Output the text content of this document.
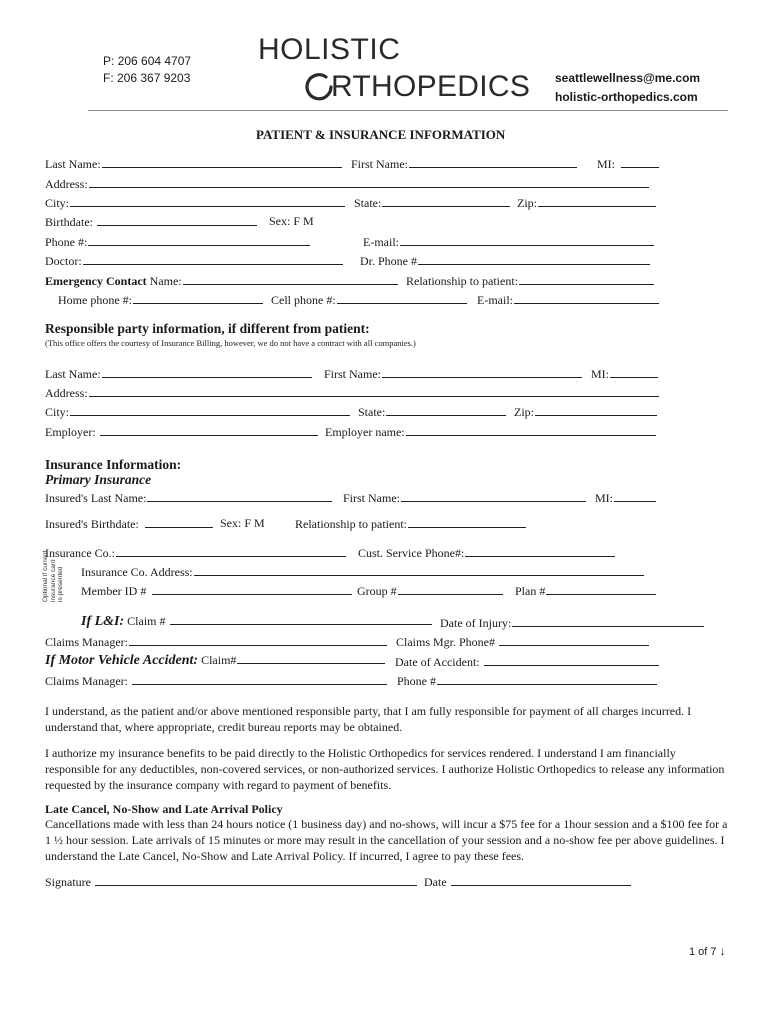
P: 206 604 4707
F: 206 367 9203
HOLISTIC
RTHOPEDICS seattlewellness@me.com
holistic-orthopedics.com
PATIENT & INSURANCE INFORMATION
Last Name:	First Name:	MI:
Address:
City:	State:	Zip:
Birthdate:	Sex: F M
Phone #:	E-mail:
Doctor:	Dr. Phone #
Emergency Contact Name:	Relationship to patient:
Home phone #:	Cell phone #:	E-mail:
Responsible party information, if different from patient:
(This office offers the courtesy of Insurance Billing, however, we do not have a contract with all companies.)
Last Name:	First Name:	MI:
Address:
City:	State:	Zip:
Employer:	Employer name:
Insurance Information:
Primary Insurance
Insured's Last Name:	First Name:	MI:
Insured's Birthdate:	Sex: F M	Relationship to patient:
Insurance Co.:	Cust. Service Phone#:
Optional if current insurance card is presented Insurance Co. Address:
Member ID #	Group #	Plan #
If L&I: Claim #	Date of Injury:
Claims Manager:	Claims Mgr. Phone#
If Motor Vehicle Accident: Claim#	Date of Accident:
Claims Manager:	Phone #

I understand, as the patient and/or above mentioned responsible party, that I am fully responsible for payment of all charges incurred. I understand that, where appropriate, credit bureau reports may be obtained.

I authorize my insurance benefits to be paid directly to the Holistic Orthopedics for services rendered. I understand I am financially responsible for any deductibles, non-covered services, or non-authorized services. I authorize Holistic Orthopedics to release any information requested by the insurance company with regard to payment of benefits.

Late Cancel, No-Show and Late Arrival Policy

Cancellations made with less than 24 hours notice (1 business day) and no-shows, will incur a $75 fee for a 1hour session and a $100 fee for a 1 ½ hour session. Late arrivals of 15 minutes or more may result in the cancellation of your session and a no-show fee per above guidelines. I understand the Late Cancel, No-Show and Late Arrival Policy. If incurred, I agree to pay these fees.

Signature	Date
1 of 7 ↓
